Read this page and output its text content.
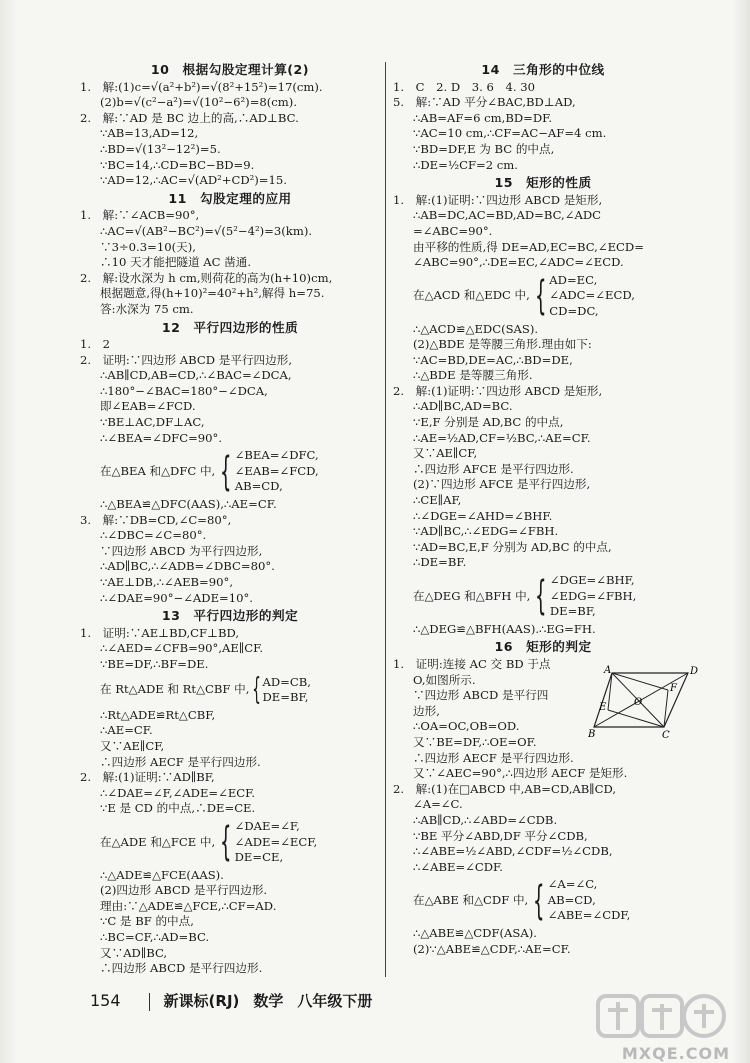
10　根据勾股定理计算(2)
1.　解:(1)c=√(a²+b²)=√(8²+15²)=17(cm).
(2)b=√(c²−a²)=√(10²−6²)=8(cm).
2.　解:∵AD 是 BC 边上的高,∴AD⊥BC.
∵AB=13,AD=12,
∴BD=√(13²−12²)=5.
∵BC=14,∴CD=BC−BD=9.
∵AD=12,∴AC=√(AD²+CD²)=15.
11　勾股定理的应用
1.　解:∵∠ACB=90°,
∴AC=√(AB²−BC²)=√(5²−4²)=3(km).
∵3÷0.3=10(天),
∴10 天才能把隧道 AC 凿通.
2.　解:设水深为 h cm,则荷花的高为(h+10)cm,
根据题意,得(h+10)²=40²+h²,解得 h=75.
答:水深为 75 cm.
12　平行四边形的性质
1.　2
2.　证明:∵四边形 ABCD 是平行四边形,
∴AB∥CD,AB=CD,∴∠BAC=∠DCA,
∴180°−∠BAC=180°−∠DCA,
即∠EAB=∠FCD.
∵BE⊥AC,DF⊥AC,
∴∠BEA=∠DFC=90°.
在△BEA 和△DFC 中, { ∠BEA=∠DFC,
∠EAB=∠FCD,
AB=CD,
∴△BEA≌△DFC(AAS),∴AE=CF.
3.　解:∵DB=CD,∠C=80°,
∴∠DBC=∠C=80°.
∵四边形 ABCD 为平行四边形,
∴AD∥BC,∴∠ADB=∠DBC=80°.
∵AE⊥DB,∴∠AEB=90°,
∴∠DAE=90°−∠ADE=10°.
13　平行四边形的判定
1.　证明:∵AE⊥BD,CF⊥BD,
∴∠AED=∠CFB=90°,AE∥CF.
∵BE=DF,∴BF=DE.
在 Rt△ADE 和 Rt△CBF 中, { AD=CB,
DE=BF,
∴Rt△ADE≌Rt△CBF,
∴AE=CF.
又∵AE∥CF,
∴四边形 AECF 是平行四边形.
2.　解:(1)证明:∵AD∥BF,
∴∠DAE=∠F,∠ADE=∠ECF.
∵E 是 CD 的中点,∴DE=CE.
在△ADE 和△FCE 中, { ∠DAE=∠F,
∠ADE=∠ECF,
DE=CE,
∴△ADE≌△FCE(AAS).
(2)四边形 ABCD 是平行四边形.
理由:∵△ADE≌△FCE,∴CF=AD.
∵C 是 BF 的中点,
∴BC=CF,∴AD=BC.
又∵AD∥BC,
∴四边形 ABCD 是平行四边形.
14　三角形的中位线
1.　C　2. D　3. 6　4. 30
5.　解:∵AD 平分∠BAC,BD⊥AD,
∴AB=AF=6 cm,BD=DF.
∵AC=10 cm,∴CF=AC−AF=4 cm.
∵BD=DF,E 为 BC 的中点,
∴DE=½CF=2 cm.
15　矩形的性质
1.　解:(1)证明:∵四边形 ABCD 是矩形,
∴AB=DC,AC=BD,AD=BC,∠ADC
=∠ABC=90°.
由平移的性质,得 DE=AD,EC=BC,∠ECD=
∠ABC=90°,∴DE=EC,∠ADC=∠ECD.
在△ACD 和△EDC 中, { AD=EC,
∠ADC=∠ECD,
CD=DC,
∴△ACD≌△EDC(SAS).
(2)△BDE 是等腰三角形.理由如下:
∵AC=BD,DE=AC,∴BD=DE,
∴△BDE 是等腰三角形.
2.　解:(1)证明:∵四边形 ABCD 是矩形,
∴AD∥BC,AD=BC.
∵E,F 分别是 AD,BC 的中点,
∴AE=½AD,CF=½BC,∴AE=CF.
又∵AE∥CF,
∴四边形 AFCE 是平行四边形.
(2)∵四边形 AFCE 是平行四边形,
∴CE∥AF,
∴∠DGE=∠AHD=∠BHF.
∵AD∥BC,∴∠EDG=∠FBH.
∵AD=BC,E,F 分别为 AD,BC 的中点,
∴DE=BF.
在△DEG 和△BFH 中, { ∠DGE=∠BHF,
∠EDG=∠FBH,
DE=BF,
∴△DEG≌△BFH(AAS).∴EG=FH.
16　矩形的判定
1.　证明:连接 AC 交 BD 于点
O,如图所示.
∵四边形 ABCD 是平行四
边形,
∴OA=OC,OB=OD.
又∵BE=DF,∴OE=OF.
∴四边形 AECF 是平行四边形.
又∵∠AEC=90°,∴四边形 AECF 是矩形.
2.　解:(1)在□ABCD 中,AB=CD,AB∥CD,
∠A=∠C.
∴AB∥CD,∴∠ABD=∠CDB.
∵BE 平分∠ABD,DF 平分∠CDB,
∴∠ABE=½∠ABD,∠CDF=½∠CDB,
∴∠ABE=∠CDF.
在△ABE 和△CDF 中, { ∠A=∠C,
AB=CD,
∠ABE=∠CDF,
∴△ABE≌△CDF(ASA).
(2)∵△ABE≌△CDF,∴AE=CF.
A	D
E
F
O
B	C
154	新课标(RJ) 数学 八年级下册
MXQE.COM
